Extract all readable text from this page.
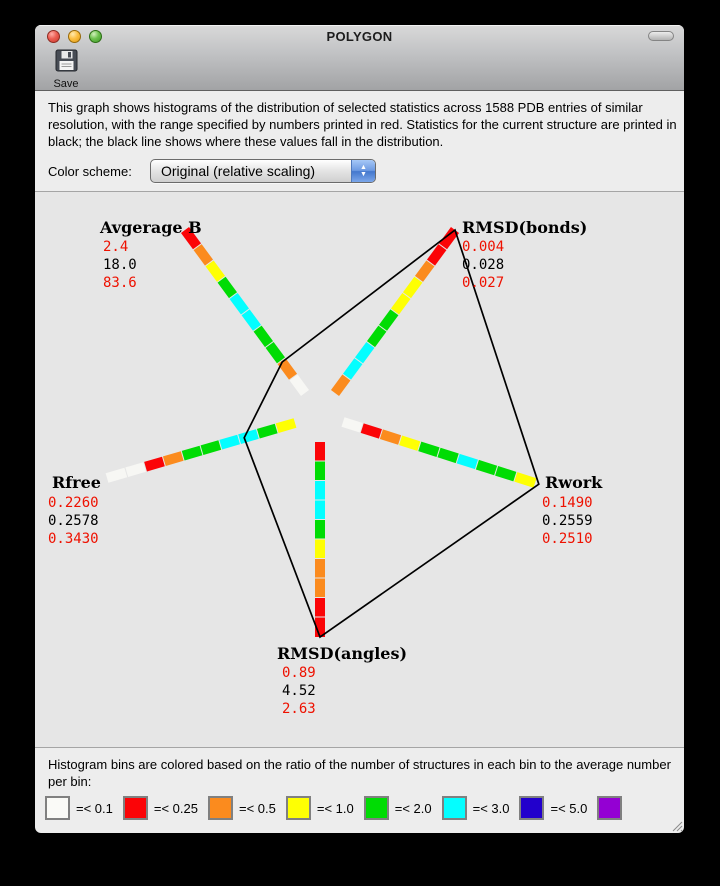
POLYGON
Save
This graph shows histograms of the distribution of selected statistics across 1588 PDB entries of similar resolution, with the range specified by numbers printed in red. Statistics for the current structure are printed in black; the black line shows where these values fall in the distribution.
Color scheme:	Original (relative scaling)	▲
▼
Avgerage B
2.4
18.0
83.6
RMSD(bonds)
0.004
0.028
0.027
Rwork
0.1490
0.2559
0.2510
RMSD(angles)
0.89
4.52
2.63
Rfree
0.2260
0.2578
0.3430
Histogram bins are colored based on the ratio of the number of structures in each bin to the average number per bin:
=< 0.1	=< 0.25	=< 0.5	=< 1.0	=< 2.0	=< 3.0	=< 5.0
